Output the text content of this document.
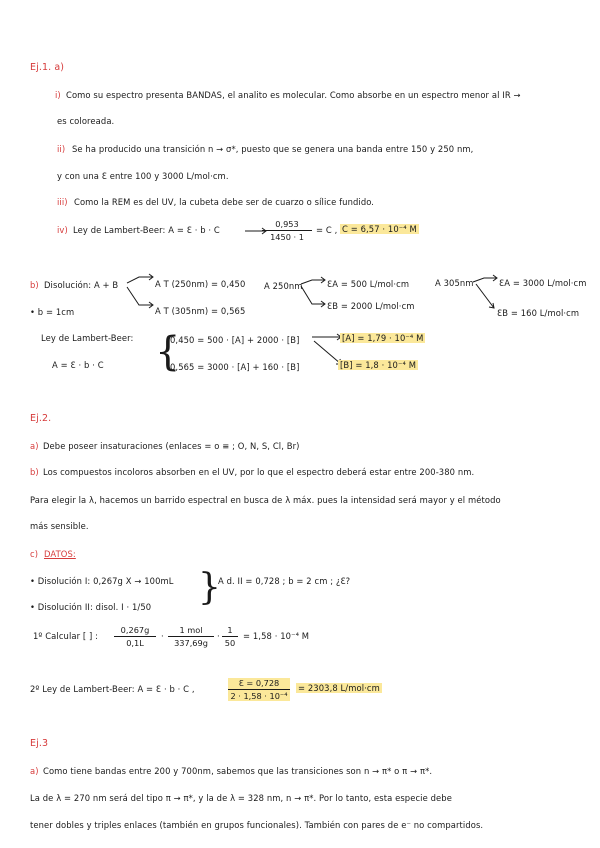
Ej.1. a)
i) Como su espectro presenta BANDAS, el analito es molecular. Como absorbe en un espectro menor al IR →
es coloreada.
ii) Se ha producido una transición n → σ*, puesto que se genera una banda entre 150 y 250 nm,
y con una Ɛ entre 100 y 3000 L/mol·cm.
iii) Como la REM es del UV, la cubeta debe ser de cuarzo o sílice fundido.
iv) Ley de Lambert-Beer: A = Ɛ · b · C	$\frac{0,953}{1450 \cdot 1} = C$ , C = 6,57 · 10⁻⁴ M
b) Disolución: A + B	A T (250nm) = 0,450
A T (305nm) = 0,565
• b = 1cm
A 250nm	ƐA = 500 L/mol·cm
ƐB = 2000 L/mol·cm
A 305nm	ƐA = 3000 L/mol·cm
ƐB = 160 L/mol·cm
Ley de Lambert-Beer:
A = Ɛ · b · C {
0,450 = 500 · [A] + 2000 · [B]
0,565 = 3000 · [A] + 160 · [B]
[A] = 1,79 · 10⁻⁴ M
[B] = 1,8 · 10⁻⁴ M
Ej.2.
a) Debe poseer insaturaciones (enlaces = o ≡ ; O, N, S, Cl, Br)
b) Los compuestos incoloros absorben en el UV, por lo que el espectro deberá estar entre 200-380 nm.
Para elegir la λ, hacemos un barrido espectral en busca de λ máx. pues la intensidad será mayor y el método
más sensible.
c) DATOS:
• Disolución I: 0,267g X → 100mL
• Disolución II: disol. I · 1/50 }
A d. II = 0,728 ; b = 2 cm ; ¿Ɛ?
1º Calcular [ ] : $\frac{0,267g}{0,1L}$ ·
1 mol
337,69g
· $\frac{1}{50} = 1,58 \cdot 10^{-4}$ M
2º Ley de Lambert-Beer: A = Ɛ · b · C ,	$\frac{Ɛ = 0,728}{\text{2 · 1,58 · 10⁻⁴}} = 2303,8$ L/mol·cm
Ej.3
a) Como tiene bandas entre 200 y 700nm, sabemos que las transiciones son n → π* o π → π*.
La de λ = 270 nm será del tipo π → π*, y la de λ = 328 nm, n → π*. Por lo tanto, esta especie debe
tener dobles y triples enlaces (también en grupos funcionales). También con pares de e⁻ no compartidos.
